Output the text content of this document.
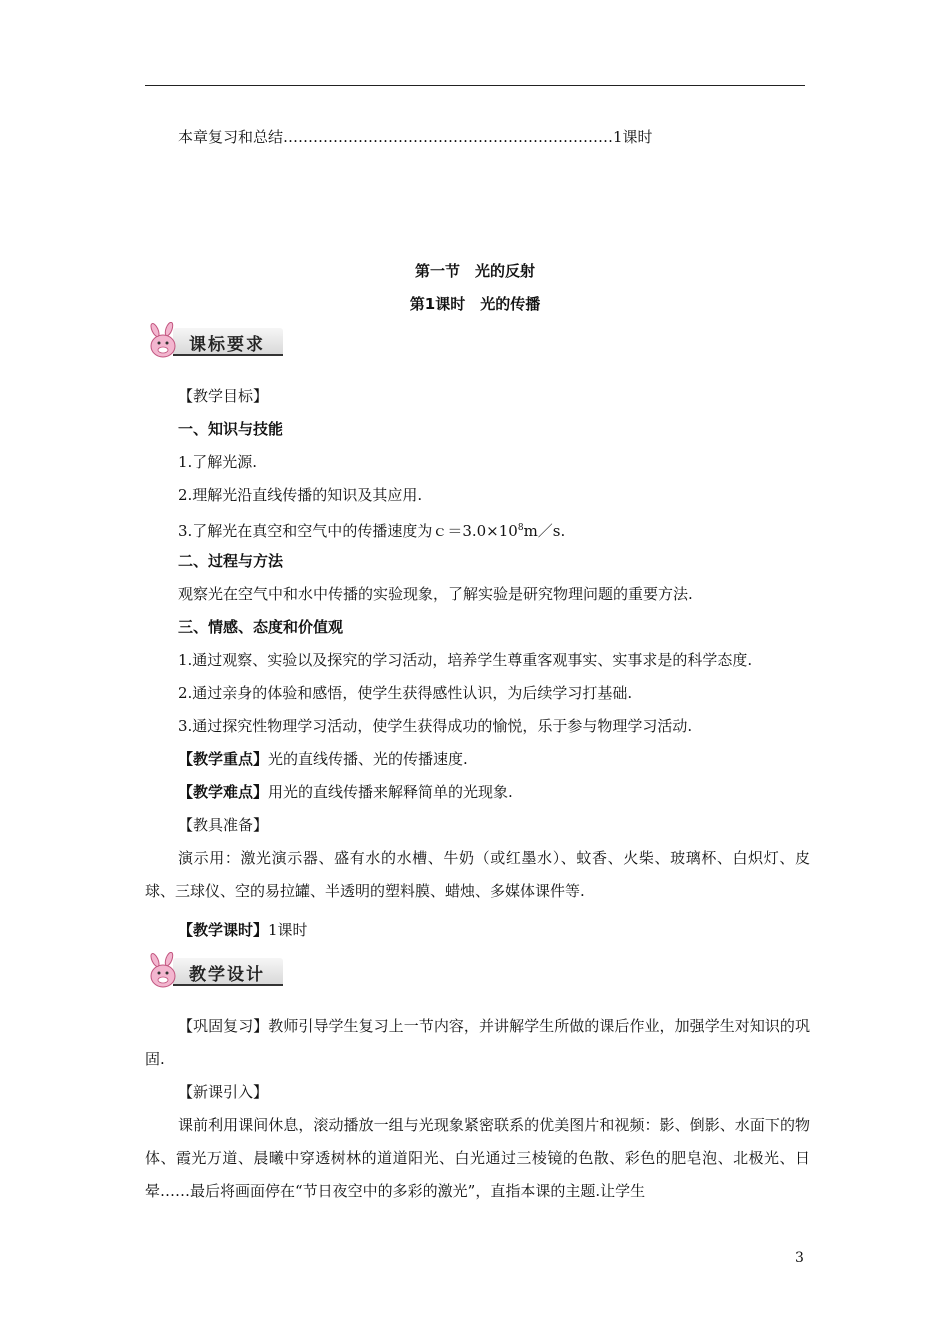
本章复习和总结…………………………………………………………1课时
第一节　光的反射
第1课时　光的传播
课标要求
【教学目标】
一、知识与技能
1.了解光源.
2.理解光沿直线传播的知识及其应用.
3.了解光在真空和空气中的传播速度为$c=3.0\times 10^8m/s$.
二、过程与方法
观察光在空气中和水中传播的实验现象，了解实验是研究物理问题的重要方法.
三、情感、态度和价值观
1.通过观察、实验以及探究的学习活动，培养学生尊重客观事实、实事求是的科学态度.
2.通过亲身的体验和感悟，使学生获得感性认识，为后续学习打基础.
3.通过探究性物理学习活动，使学生获得成功的愉悦，乐于参与物理学习活动.
【教学重点】光的直线传播、光的传播速度.
【教学难点】用光的直线传播来解释简单的光现象.
【教具准备】
演示用：激光演示器、盛有水的水槽、牛奶（或红墨水）、蚊香、火柴、玻璃杯、白炽灯、皮球、三球仪、空的易拉罐、半透明的塑料膜、蜡烛、多媒体课件等.
【教学课时】1课时
教学设计
【巩固复习】教师引导学生复习上一节内容，并讲解学生所做的课后作业，加强学生对知识的巩固.
【新课引入】
课前利用课间休息，滚动播放一组与光现象紧密联系的优美图片和视频：影、倒影、水面下的物体、霞光万道、晨曦中穿透树林的道道阳光、白光通过三棱镜的色散、彩色的肥皂泡、北极光、日晕……最后将画面停在“节日夜空中的多彩的激光”，直指本课的主题.让学生
3
